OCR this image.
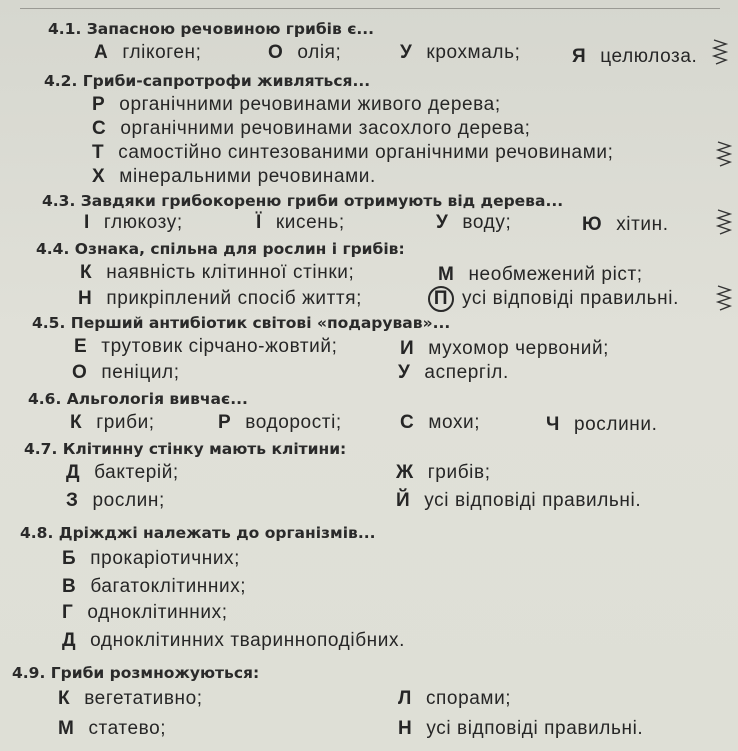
4.1. Запасною речовиною грибів є...
А глікоген;	О олія;	У крохмаль;	Я целюлоза.
4.2. Гриби-сапротрофи живляться...
Р органічними речовинами живого дерева;
С органічними речовинами засохлого дерева;
Т самостійно синтезованими органічними речовинами;
Х мінеральними речовинами.
4.3. Завдяки грибокореню гриби отримують від дерева...
І глюкозу;	Ї кисень;	У воду;	Ю хітин.
4.4. Ознака, спільна для рослин і грибів:
К наявність клітинної стінки;	М необмежений ріст;
Н прикріплений спосіб життя;	П усі відповіді правильні.
4.5. Перший антибіотик світові «подарував»...
Е трутовик сірчано-жовтий;	И мухомор червоний;
О пеніцил;	У аспергіл.
4.6. Альгологія вивчає...
К гриби;	Р водорості;	С мохи;	Ч рослини.
4.7. Клітинну стінку мають клітини:
Д бактерій;	Ж грибів;
З рослин;	Й усі відповіді правильні.
4.8. Дріжджі належать до організмів...
Б прокаріотичних;
В багатоклітинних;
Г одноклітинних;
Д одноклітинних тваринноподібних.
4.9. Гриби розмножуються:
К вегетативно;	Л спорами;
М статево;	Н усі відповіді правильні.
